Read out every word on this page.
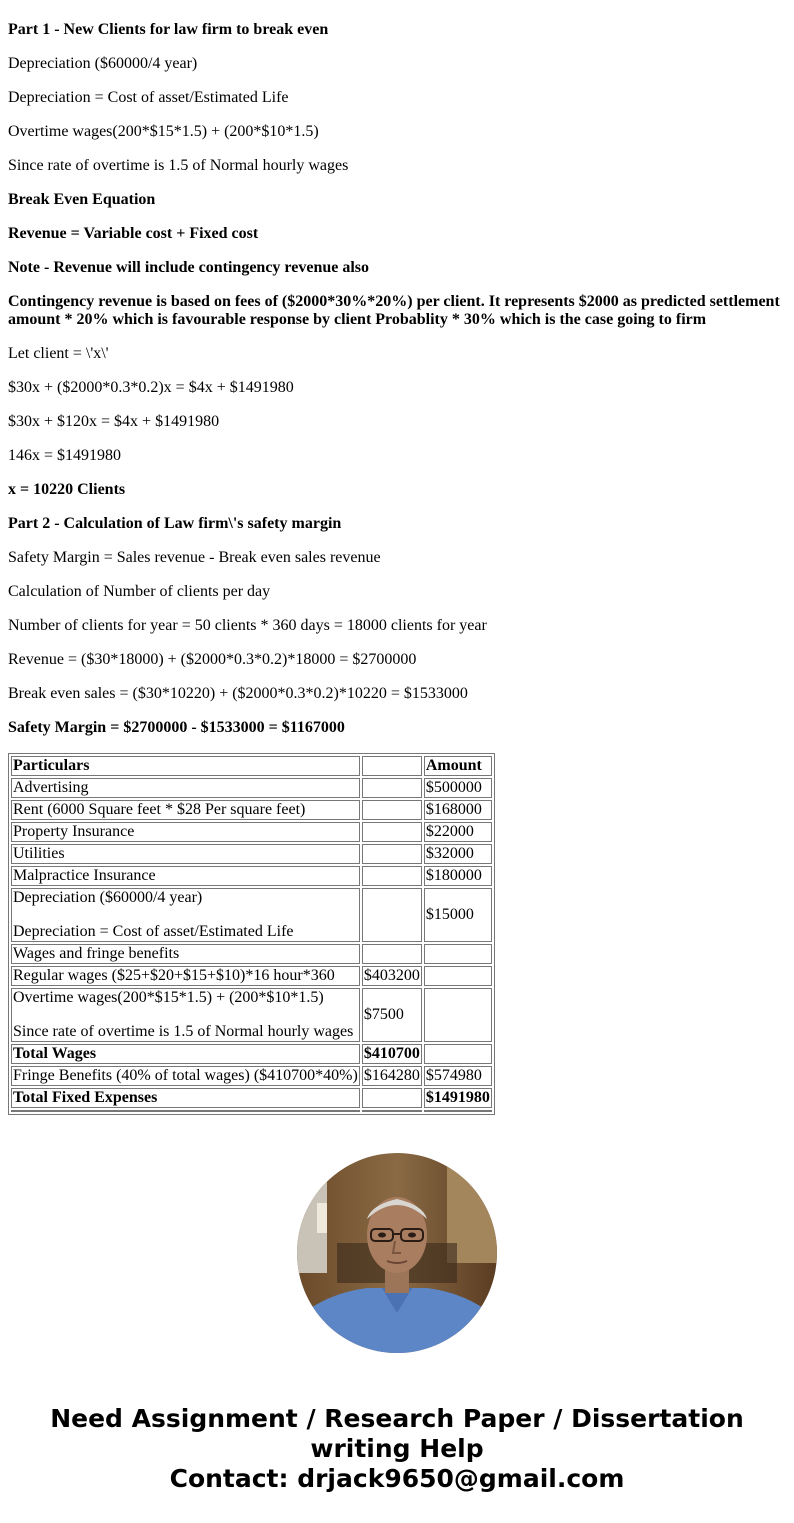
Part 1 - New Clients for law firm to break even
Depreciation ($60000/4 year)
Depreciation = Cost of asset/Estimated Life
Overtime wages(200*$15*1.5) + (200*$10*1.5)
Since rate of overtime is 1.5 of Normal hourly wages
Break Even Equation
Revenue = Variable cost + Fixed cost
Note - Revenue will include contingency revenue also
Contingency revenue is based on fees of ($2000*30%*20%) per client. It represents $2000 as predicted settlement amount * 20% which is favourable response by client Probablity * 30% which is the case going to firm
Let client = \'x\'
$30x + ($2000*0.3*0.2)x = $4x + $1491980
$30x + $120x = $4x + $1491980
146x = $1491980
x = 10220 Clients
Part 2 - Calculation of Law firm\'s safety margin
Safety Margin = Sales revenue - Break even sales revenue
Calculation of Number of clients per day
Number of clients for year = 50 clients * 360 days = 18000 clients for year
Revenue = ($30*18000) + ($2000*0.3*0.2)*18000 = $2700000
Break even sales = ($30*10220) + ($2000*0.3*0.2)*10220 = $1533000
Safety Margin = $2700000 - $1533000 = $1167000
Particulars		Amount
Advertising		$500000
Rent (6000 Square feet * $28 Per square feet)		$168000
Property Insurance		$22000
Utilities		$32000
Malpractice Insurance		$180000

Depreciation ($60000/4 year)
Depreciation = Cost of asset/Estimated Life		$15000
Wages and fringe benefits		
Regular wages ($25+$20+$15+$10)*16 hour*360	$403200	

Overtime wages(200*$15*1.5) + (200*$10*1.5)
Since rate of overtime is 1.5 of Normal hourly wages	$7500	
Total Wages	$410700	
Fringe Benefits (40% of total wages) ($410700*40%)	$164280	$574980
Total Fixed Expenses		$1491980

Need Assignment / Research Paper / Dissertation
writing Help
Contact: drjack9650@gmail.com
